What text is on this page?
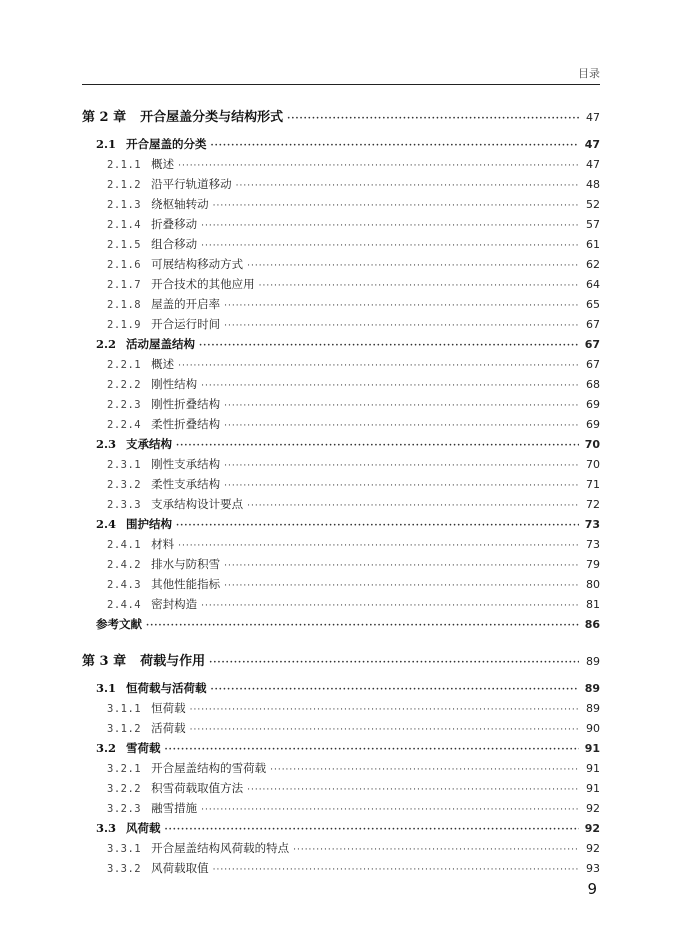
目录
第 2 章 开合屋盖分类与结构形式 ·····	47
2.1 开合屋盖的分类 ·····	47
2.1.1 概述 ·····	47
2.1.2 沿平行轨道移动 ·····	48
2.1.3 绕枢轴转动 ·····	52
2.1.4 折叠移动 ·····	57
2.1.5 组合移动 ·····	61
2.1.6 可展结构移动方式 ·····	62
2.1.7 开合技术的其他应用 ·····	64
2.1.8 屋盖的开启率 ·····	65
2.1.9 开合运行时间 ·····	67
2.2 活动屋盖结构 ·····	67
2.2.1 概述 ·····	67
2.2.2 刚性结构 ·····	68
2.2.3 刚性折叠结构 ·····	69
2.2.4 柔性折叠结构 ·····	69
2.3 支承结构 ·····	70
2.3.1 刚性支承结构 ·····	70
2.3.2 柔性支承结构 ·····	71
2.3.3 支承结构设计要点 ·····	72
2.4 围护结构 ·····	73
2.4.1 材料 ·····	73
2.4.2 排水与防积雪 ·····	79
2.4.3 其他性能指标 ·····	80
2.4.4 密封构造 ·····	81
参考文献 ·····	86
第 3 章 荷载与作用 ·····	89
3.1 恒荷载与活荷载 ·····	89
3.1.1 恒荷载 ·····	89
3.1.2 活荷载 ·····	90
3.2 雪荷载 ·····	91
3.2.1 开合屋盖结构的雪荷载 ·····	91
3.2.2 积雪荷载取值方法 ·····	91
3.2.3 融雪措施 ·····	92
3.3 风荷载 ·····	92
3.3.1 开合屋盖结构风荷载的特点 ·····	92
3.3.2 风荷载取值 ·····	93
9
